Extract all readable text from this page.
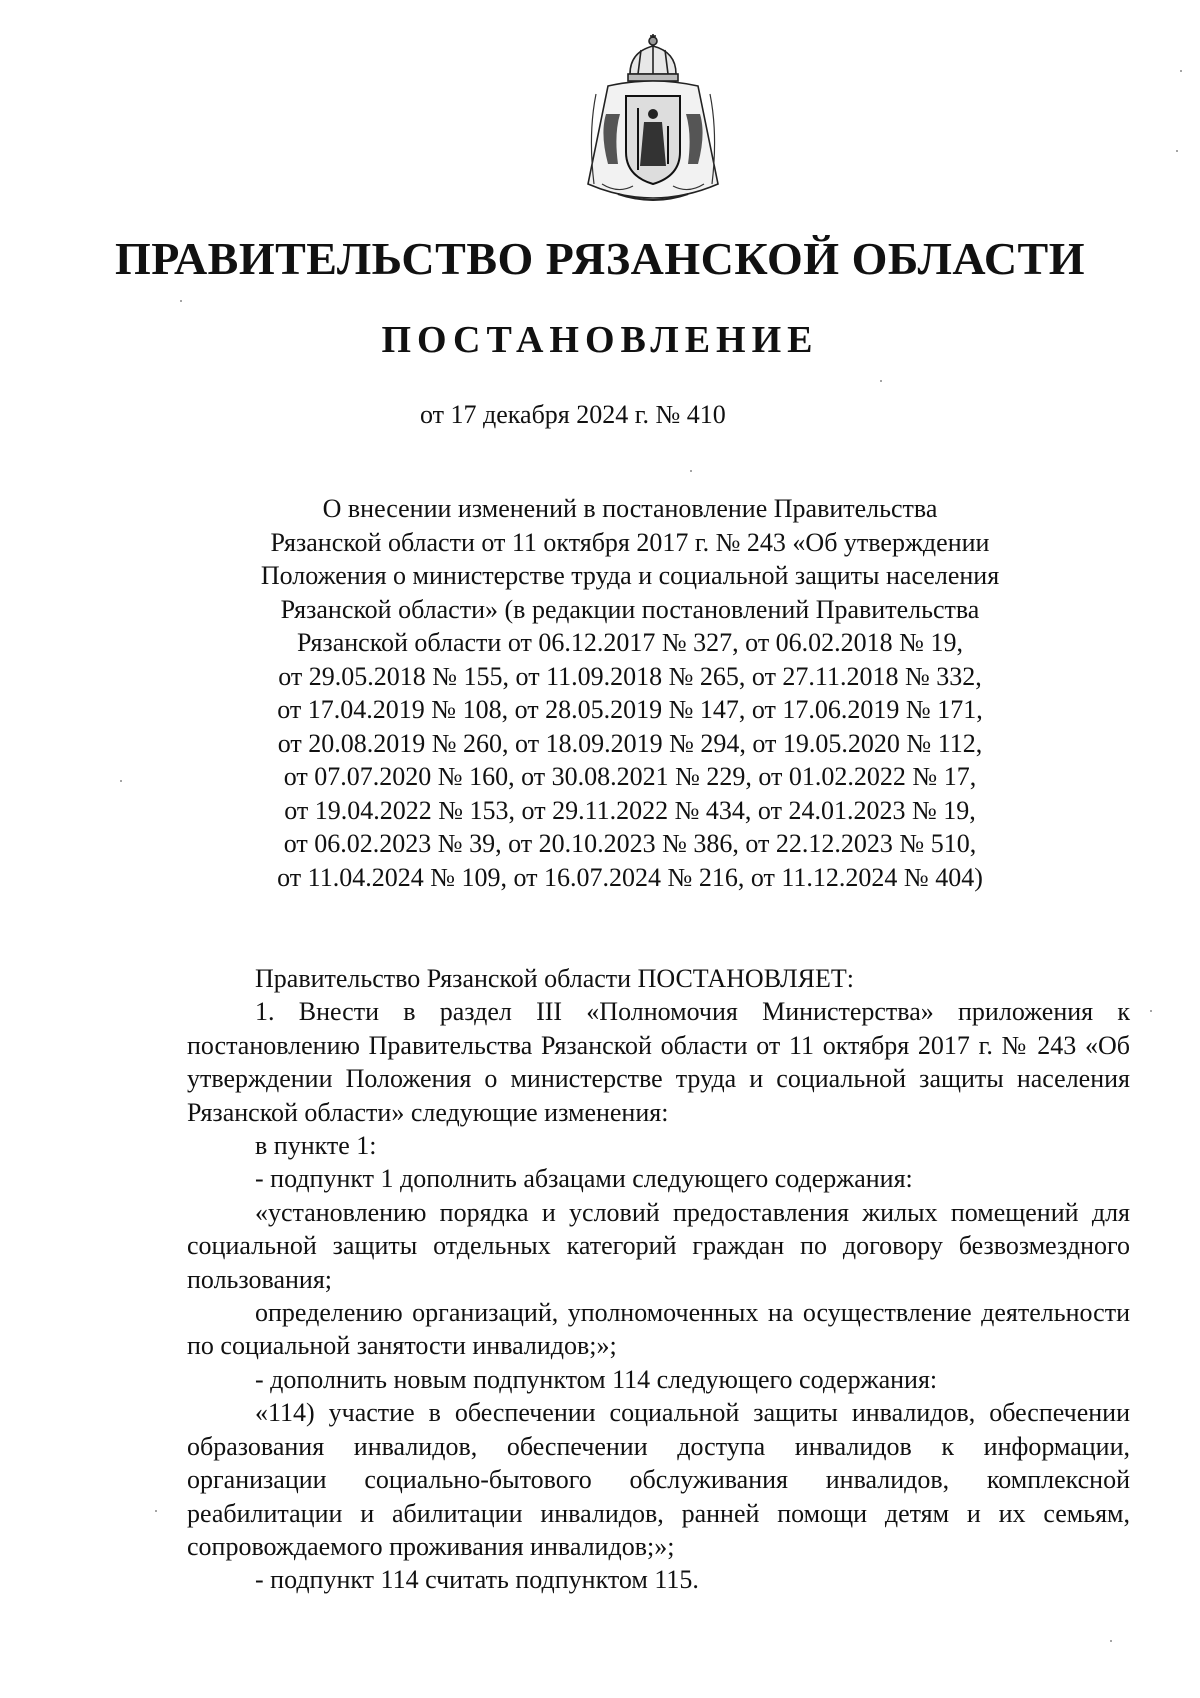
ПРАВИТЕЛЬСТВО РЯЗАНСКОЙ ОБЛАСТИ
ПОСТАНОВЛЕНИЕ
от 17 декабря 2024 г. № 410
О внесении изменений в постановление Правительства
Рязанской области от 11 октября 2017 г. № 243 «Об утверждении
Положения о министерстве труда и социальной защиты населения
Рязанской области» (в редакции постановлений Правительства
Рязанской области от 06.12.2017 № 327, от 06.02.2018 № 19,
от 29.05.2018 № 155, от 11.09.2018 № 265, от 27.11.2018 № 332,
от 17.04.2019 № 108, от 28.05.2019 № 147, от 17.06.2019 № 171,
от 20.08.2019 № 260, от 18.09.2019 № 294, от 19.05.2020 № 112,
от 07.07.2020 № 160, от 30.08.2021 № 229, от 01.02.2022 № 17,
от 19.04.2022 № 153, от 29.11.2022 № 434, от 24.01.2023 № 19,
от 06.02.2023 № 39, от 20.10.2023 № 386, от 22.12.2023 № 510,
от 11.04.2024 № 109, от 16.07.2024 № 216, от 11.12.2024 № 404)

Правительство Рязанской области ПОСТАНОВЛЯЕТ:

1. Внести в раздел III «Полномочия Министерства» приложения к постановлению Правительства Рязанской области от 11 октября 2017 г. № 243 «Об утверждении Положения о министерстве труда и социальной защиты населения Рязанской области» следующие изменения:

в пункте 1:

- подпункт 1 дополнить абзацами следующего содержания:

«установлению порядка и условий предоставления жилых помещений для социальной защиты отдельных категорий граждан по договору безвозмездного пользования;

определению организаций, уполномоченных на осуществление деятельности по социальной занятости инвалидов;»;

- дополнить новым подпунктом 114 следующего содержания:

«114) участие в обеспечении социальной защиты инвалидов, обеспечении образования инвалидов, обеспечении доступа инвалидов к информации, организации социально-бытового обслуживания инвалидов, комплексной реабилитации и абилитации инвалидов, ранней помощи детям и их семьям, сопровождаемого проживания инвалидов;»;

- подпункт 114 считать подпунктом 115.
